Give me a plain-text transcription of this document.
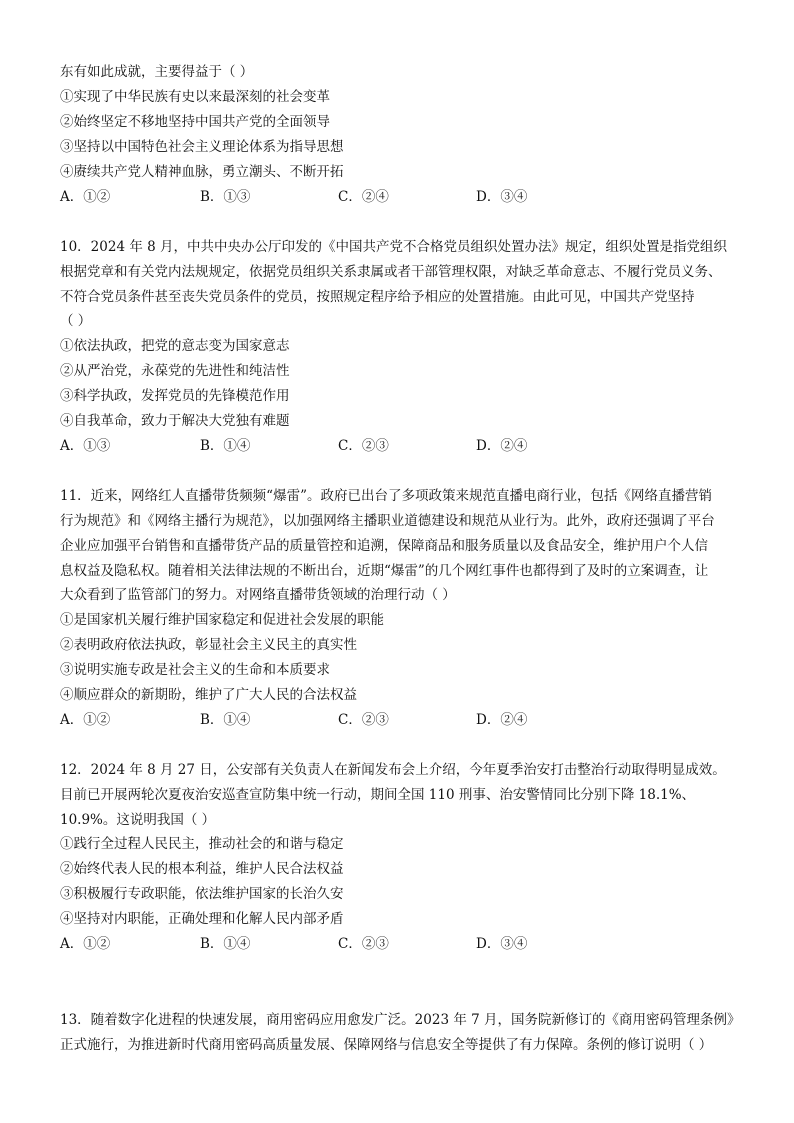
东有如此成就，主要得益于（ ）
①实现了中华民族有史以来最深刻的社会变革
②始终坚定不移地坚持中国共产党的全面领导
③坚持以中国特色社会主义理论体系为指导思想
④赓续共产党人精神血脉，勇立潮头、不断开拓
A．①②	B．①③	C．②④	D．③④
10．2024 年 8 月，中共中央办公厅印发的《中国共产党不合格党员组织处置办法》规定，组织处置是指党组织
根据党章和有关党内法规规定，依据党员组织关系隶属或者干部管理权限，对缺乏革命意志、不履行党员义务、
不符合党员条件甚至丧失党员条件的党员，按照规定程序给予相应的处置措施。由此可见，中国共产党坚持
（ ）
①依法执政，把党的意志变为国家意志
②从严治党，永葆党的先进性和纯洁性
③科学执政，发挥党员的先锋模范作用
④自我革命，致力于解决大党独有难题
A．①③	B．①④	C．②③	D．②④
11．近来，网络红人直播带货频频“爆雷”。政府已出台了多项政策来规范直播电商行业，包括《网络直播营销
行为规范》和《网络主播行为规范》，以加强网络主播职业道德建设和规范从业行为。此外，政府还强调了平台
企业应加强平台销售和直播带货产品的质量管控和追溯，保障商品和服务质量以及食品安全，维护用户个人信
息权益及隐私权。随着相关法律法规的不断出台，近期“爆雷”的几个网红事件也都得到了及时的立案调查，让
大众看到了监管部门的努力。对网络直播带货领域的治理行动（ ）
①是国家机关履行维护国家稳定和促进社会发展的职能
②表明政府依法执政，彰显社会主义民主的真实性
③说明实施专政是社会主义的生命和本质要求
④顺应群众的新期盼，维护了广大人民的合法权益
A．①②	B．①④	C．②③	D．②④
12．2024 年 8 月 27 日，公安部有关负责人在新闻发布会上介绍，今年夏季治安打击整治行动取得明显成效。
目前已开展两轮次夏夜治安巡查宣防集中统一行动，期间全国 110 刑事、治安警情同比分别下降 18.1%、
10.9%。这说明我国（ ）
①践行全过程人民民主，推动社会的和谐与稳定
②始终代表人民的根本利益，维护人民合法权益
③积极履行专政职能，依法维护国家的长治久安
④坚持对内职能，正确处理和化解人民内部矛盾
A．①②	B．①④	C．②③	D．③④
13．随着数字化进程的快速发展，商用密码应用愈发广泛。2023 年 7 月，国务院新修订的《商用密码管理条例》
正式施行，为推进新时代商用密码高质量发展、保障网络与信息安全等提供了有力保障。条例的修订说明（ ）
